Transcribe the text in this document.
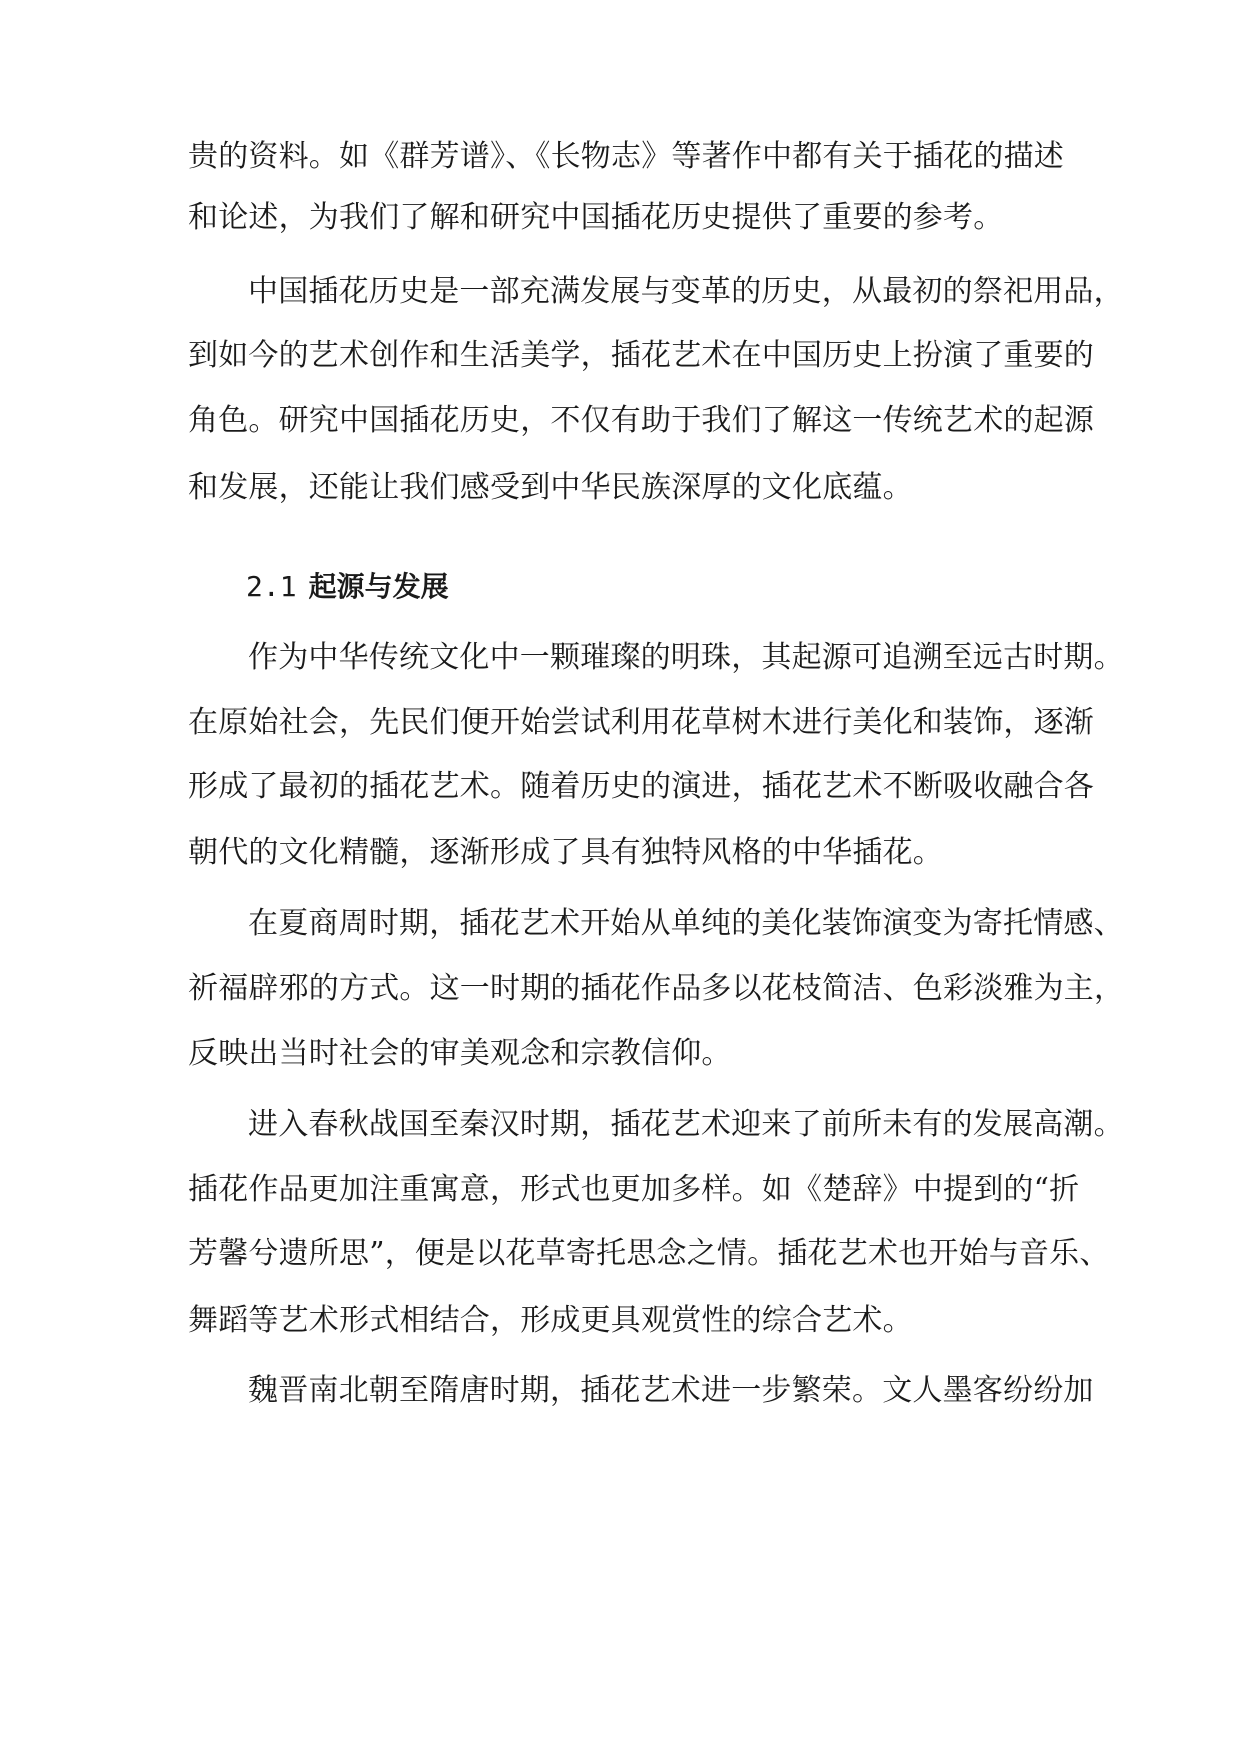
贵的资料。如《群芳谱》、《长物志》等著作中都有关于插花的描述
和论述，为我们了解和研究中国插花历史提供了重要的参考。
中国插花历史是一部充满发展与变革的历史，从最初的祭祀用品，
到如今的艺术创作和生活美学，插花艺术在中国历史上扮演了重要的
角色。研究中国插花历史，不仅有助于我们了解这一传统艺术的起源
和发展，还能让我们感受到中华民族深厚的文化底蕴。
2.1 起源与发展
作为中华传统文化中一颗璀璨的明珠，其起源可追溯至远古时期。
在原始社会，先民们便开始尝试利用花草树木进行美化和装饰，逐渐
形成了最初的插花艺术。随着历史的演进，插花艺术不断吸收融合各
朝代的文化精髓，逐渐形成了具有独特风格的中华插花。
在夏商周时期，插花艺术开始从单纯的美化装饰演变为寄托情感、
祈福辟邪的方式。这一时期的插花作品多以花枝简洁、色彩淡雅为主，
反映出当时社会的审美观念和宗教信仰。
进入春秋战国至秦汉时期，插花艺术迎来了前所未有的发展高潮。
插花作品更加注重寓意，形式也更加多样。如《楚辞》中提到的“折
芳馨兮遗所思”，便是以花草寄托思念之情。插花艺术也开始与音乐、
舞蹈等艺术形式相结合，形成更具观赏性的综合艺术。
魏晋南北朝至隋唐时期，插花艺术进一步繁荣。文人墨客纷纷加
